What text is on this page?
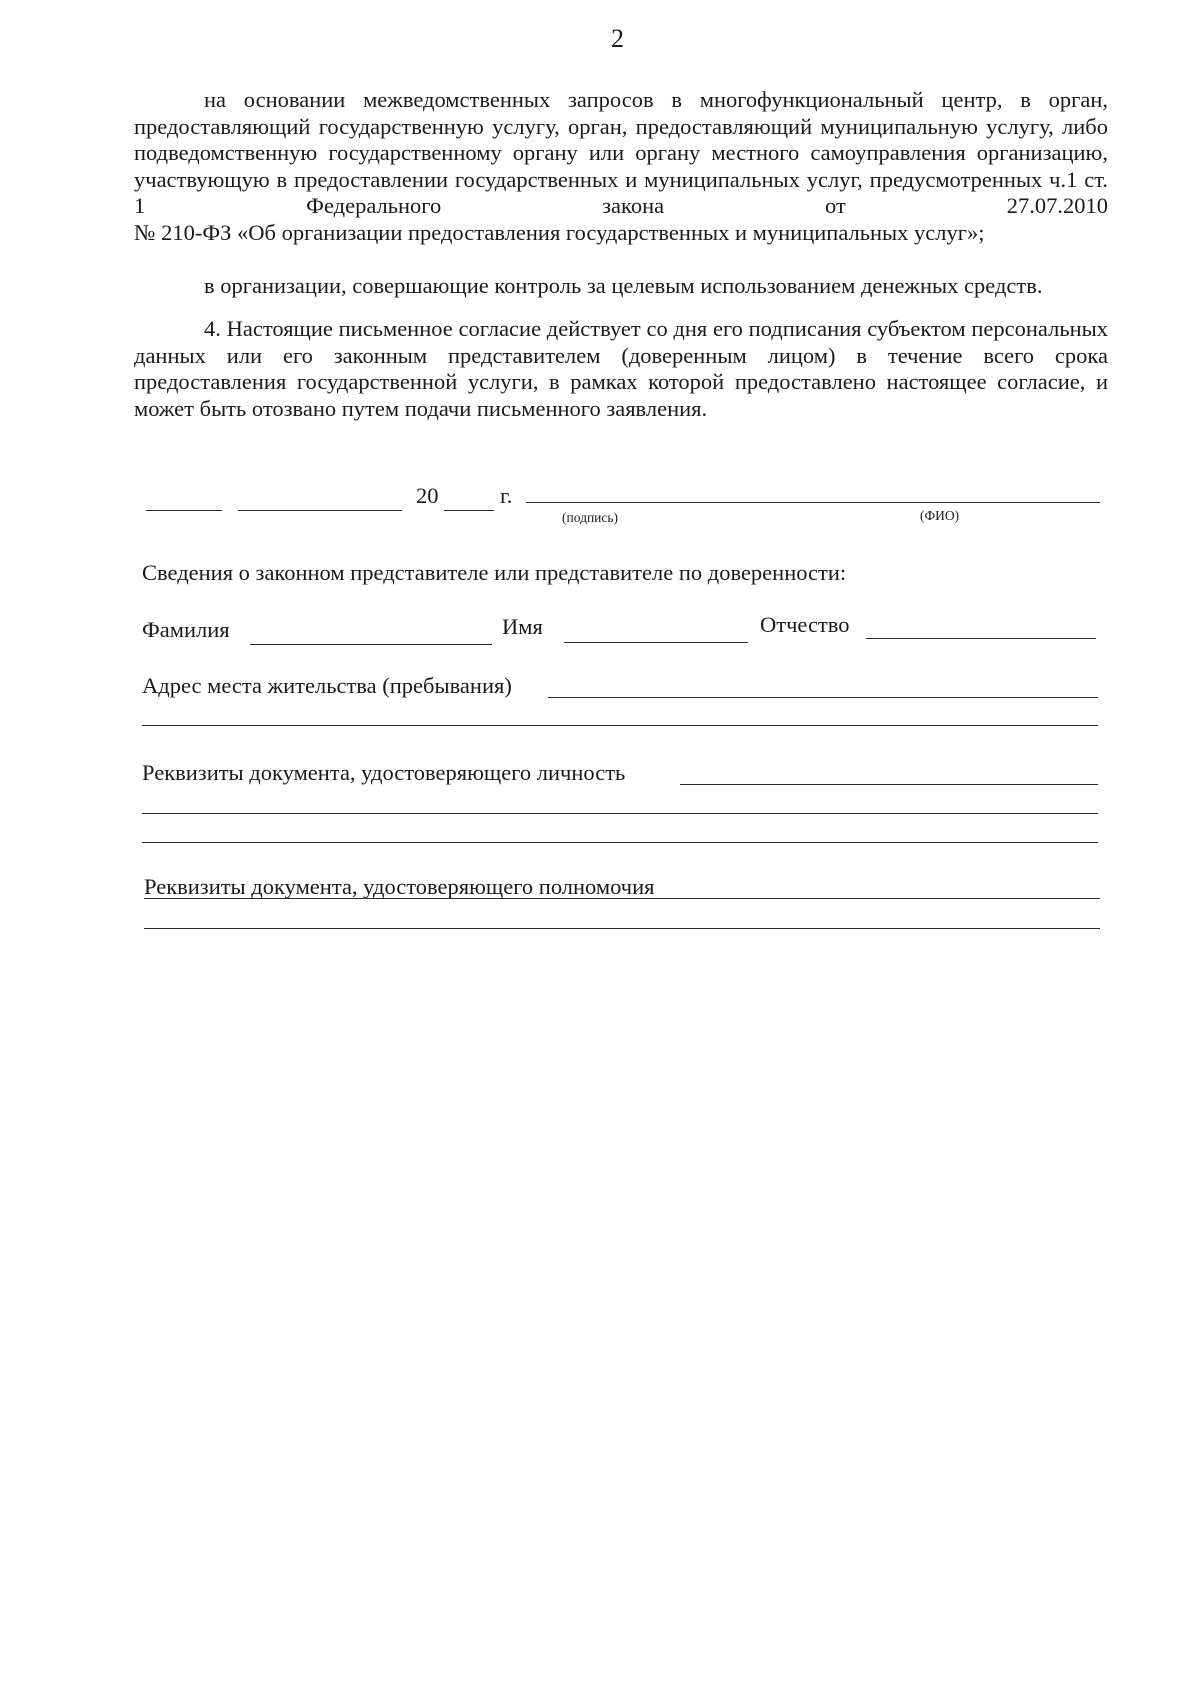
2

на основании межведомственных запросов в многофункциональный центр, в орган, предоставляющий государственную услугу, орган, предоставляющий муниципальную услугу, либо подведомственную государственному органу или органу местного самоуправления организацию, участвующую в предоставлении государственных и муниципальных услуг, предусмотренных ч.1 ст. 1 Федерального закона от 27.07.2010

№ 210-ФЗ «Об организации предоставления государственных и муниципальных услуг»;

в организации, совершающие контроль за целевым использованием денежных средств.

4. Настоящие письменное согласие действует со дня его подписания субъектом персональных данных или его законным представителем (доверенным лицом) в течение всего срока предоставления государственной услуги, в рамках которой предоставлено настоящее согласие, и может быть отозвано путем подачи письменного заявления.

20	г.
(подпись)	(ФИО)
Сведения о законном представителе или представителе по доверенности:
Фамилия	Имя	Отчество
Адрес места жительства (пребывания)
Реквизиты документа, удостоверяющего личность
Реквизиты документа, удостоверяющего полномочия
